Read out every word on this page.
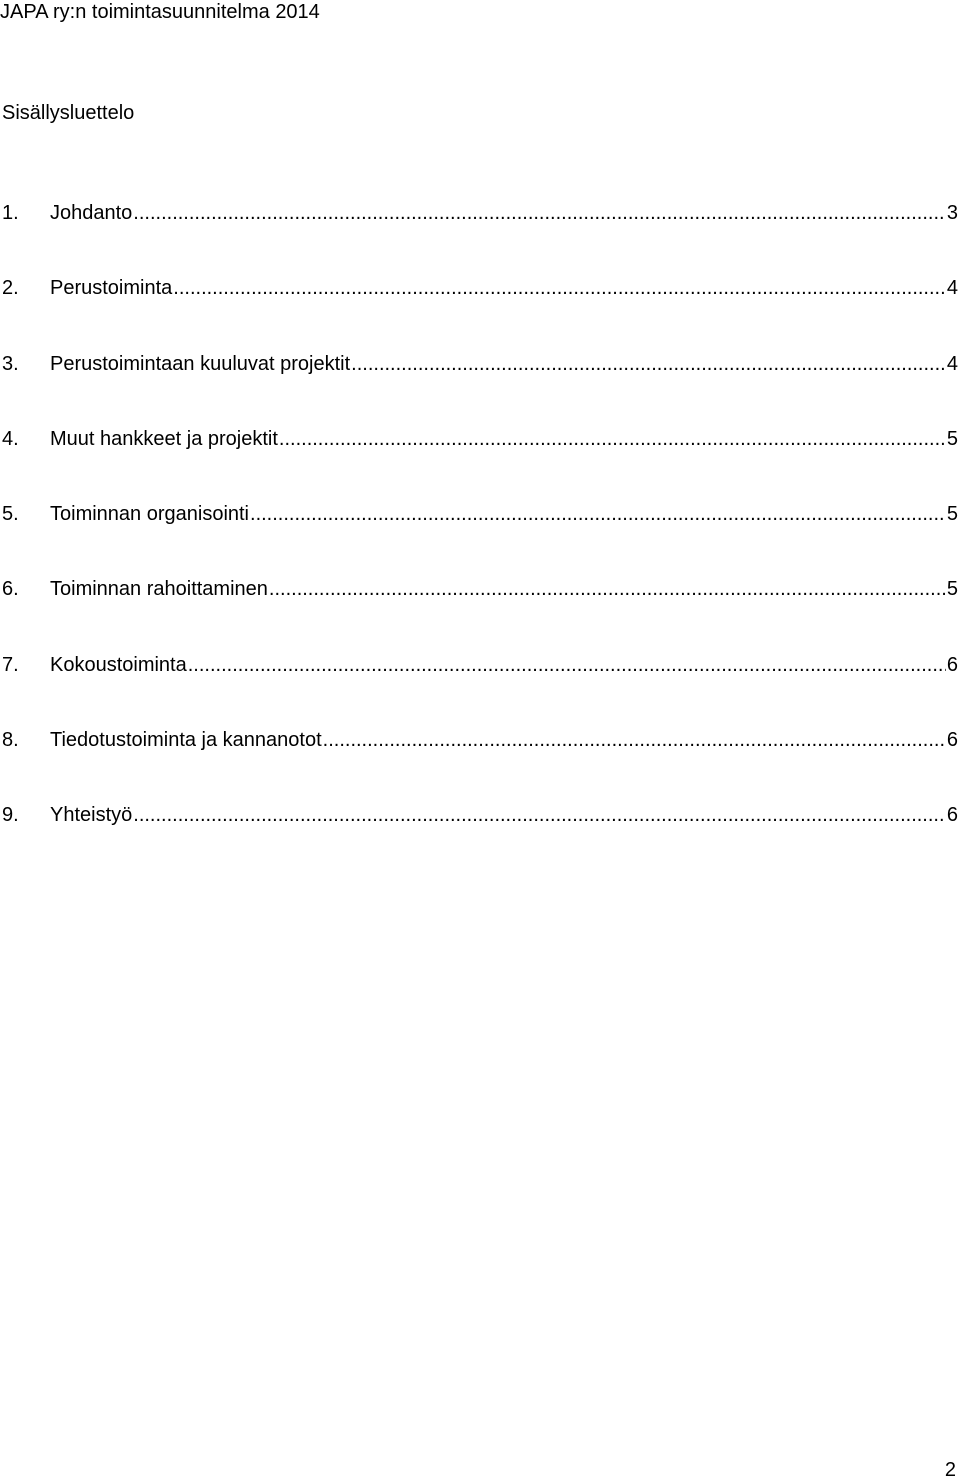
JAPA ry:n toimintasuunnitelma 2014
Sisällysluettelo
1.	Johdanto .....	3
2.	Perustoiminta .....	4
3.	Perustoimintaan kuuluvat projektit .....	4
4.	Muut hankkeet ja projektit .....	5
5.	Toiminnan organisointi .....	5
6.	Toiminnan rahoittaminen .....	5
7.	Kokoustoiminta .....	6
8.	Tiedotustoiminta ja kannanotot .....	6
9.	Yhteistyö .....	6
2
